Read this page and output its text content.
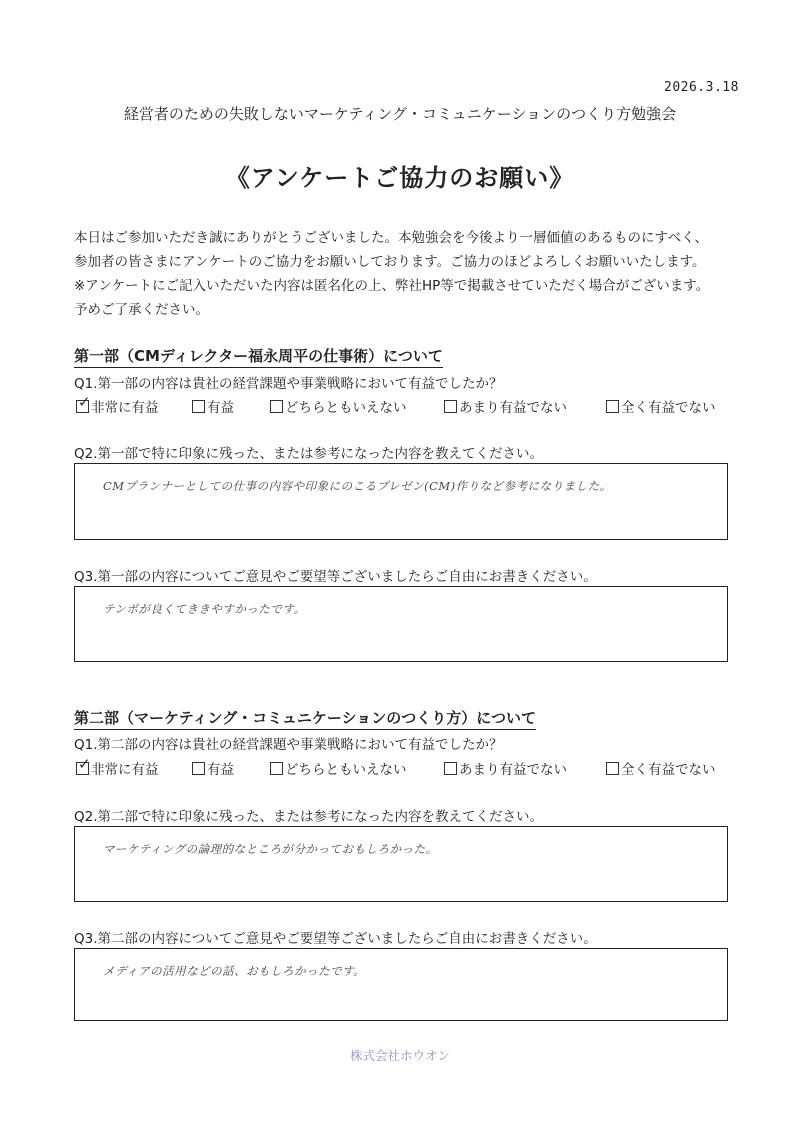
2026.3.18
経営者のための失敗しないマーケティング・コミュニケーションのつくり方勉強会
《アンケートご協力のお願い》

本日はご参加いただき誠にありがとうございました。本勉強会を今後より一層価値のあるものにすべく、

参加者の皆さまにアンケートのご協力をお願いしております。ご協力のほどよろしくお願いいたします。

※アンケートにご記入いただいた内容は匿名化の上、弊社HP等で掲載させていただく場合がございます。

予めご了承ください。

第一部（CMディレクター福永周平の仕事術）について
Q1.第一部の内容は貴社の経営課題や事業戦略において有益でしたか？
✓非常に有益	有益	どちらともいえない	あまり有益でない	全く有益でない
Q2.第一部で特に印象に残った、または参考になった内容を教えてください。
CMプランナーとしての仕事の内容や印象にのこるプレゼン(CM)作りなど参考になりました。
Q3.第一部の内容についてご意見やご要望等ございましたらご自由にお書きください。
テンポが良くてききやすかったです。
第二部（マーケティング・コミュニケーションのつくり方）について
Q1.第二部の内容は貴社の経営課題や事業戦略において有益でしたか？
✓非常に有益	有益	どちらともいえない	あまり有益でない	全く有益でない
Q2.第二部で特に印象に残った、または参考になった内容を教えてください。
マーケティングの論理的なところが分かっておもしろかった。
Q3.第二部の内容についてご意見やご要望等ございましたらご自由にお書きください。
メディアの活用などの話、おもしろかったです。
株式会社ホウオン
